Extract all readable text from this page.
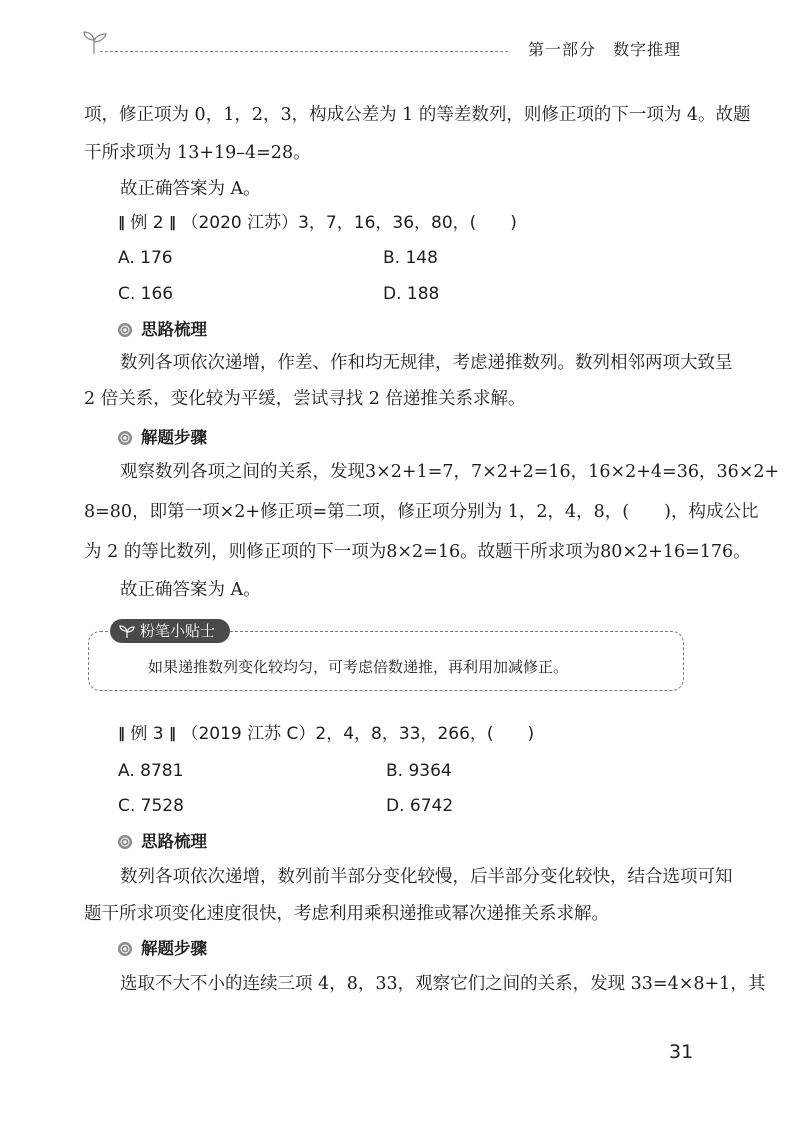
第一部分　数字推理
项，修正项为 0，1，2，3，构成公差为 1 的等差数列，则修正项的下一项为 4。故题
干所求项为 13+19–4=28。
故正确答案为 A。
‖ 例 2 ‖ （2020 江苏）3，7，16，36，80，(　　)
A. 176	B. 148
C. 166	D. 188
思路梳理
数列各项依次递增，作差、作和均无规律，考虑递推数列。数列相邻两项大致呈
2 倍关系，变化较为平缓，尝试寻找 2 倍递推关系求解。
解题步骤
观察数列各项之间的关系，发现3×2+1=7，7×2+2=16，16×2+4=36，36×2+
8=80，即第一项×2+修正项=第二项，修正项分别为 1，2，4，8，(　　)，构成公比
为 2 的等比数列，则修正项的下一项为8×2=16。故题干所求项为80×2+16=176。
故正确答案为 A。
粉笔小贴士
如果递推数列变化较均匀，可考虑倍数递推，再利用加减修正。
‖ 例 3 ‖ （2019 江苏 C）2，4，8，33，266，(　　)
A. 8781	B. 9364
C. 7528	D. 6742
思路梳理
数列各项依次递增，数列前半部分变化较慢，后半部分变化较快，结合选项可知
题干所求项变化速度很快，考虑利用乘积递推或幂次递推关系求解。
解题步骤
选取不大不小的连续三项 4，8，33，观察它们之间的关系，发现 33=4×8+1，其
31
